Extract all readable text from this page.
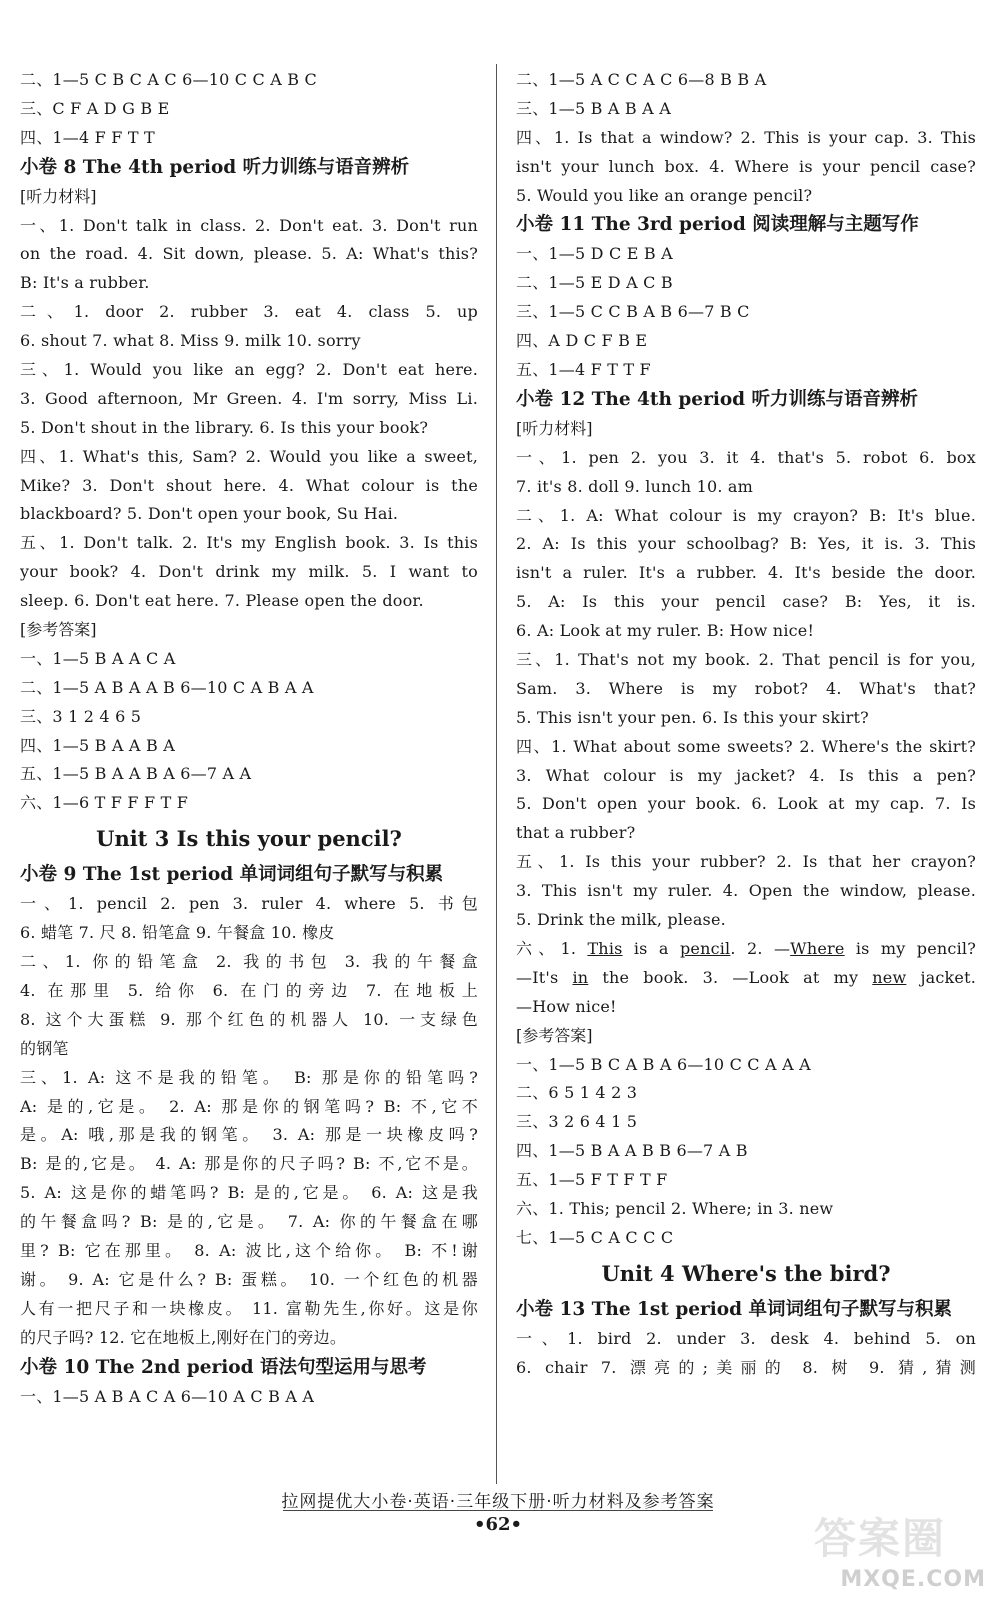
二、1—5 C B C A C 6—10 C C A B C
三、C F A D G B E
四、1—4 F F T T
小卷 8 The 4th period 听力训练与语音辨析
[听力材料]
一、1. Don't talk in class. 2. Don't eat. 3. Don't run
on the road. 4. Sit down, please. 5. A: What's this?
B: It's a rubber.
二、1. door 2. rubber 3. eat 4. class 5. up
6. shout 7. what 8. Miss 9. milk 10. sorry
三、1. Would you like an egg? 2. Don't eat here.
3. Good afternoon, Mr Green. 4. I'm sorry, Miss Li.
5. Don't shout in the library. 6. Is this your book?
四、1. What's this, Sam? 2. Would you like a sweet,
Mike? 3. Don't shout here. 4. What colour is the
blackboard? 5. Don't open your book, Su Hai.
五、1. Don't talk. 2. It's my English book. 3. Is this
your book? 4. Don't drink my milk. 5. I want to
sleep. 6. Don't eat here. 7. Please open the door.
[参考答案]
一、1—5 B A A C A
二、1—5 A B A A B 6—10 C A B A A
三、3 1 2 4 6 5
四、1—5 B A A B A
五、1—5 B A A B A 6—7 A A
六、1—6 T F F F T F
Unit 3 Is this your pencil?
小卷 9 The 1st period 单词词组句子默写与积累
一、1. pencil 2. pen 3. ruler 4. where 5. 书包
6. 蜡笔 7. 尺 8. 铅笔盒 9. 午餐盒 10. 橡皮
二、1. 你的铅笔盒 2. 我的书包 3. 我的午餐盒
4. 在那里 5. 给你 6. 在门的旁边 7. 在地板上
8. 这个大蛋糕 9. 那个红色的机器人 10. 一支绿色
的钢笔
三、1. A: 这不是我的铅笔。 B: 那是你的铅笔吗?
A: 是的,它是。 2. A: 那是你的钢笔吗? B: 不,它不
是。A: 哦,那是我的钢笔。 3. A: 那是一块橡皮吗?
B: 是的,它是。 4. A: 那是你的尺子吗? B: 不,它不是。
5. A: 这是你的蜡笔吗? B: 是的,它是。 6. A: 这是我
的午餐盒吗? B: 是的,它是。 7. A: 你的午餐盒在哪
里? B: 它在那里。 8. A: 波比,这个给你。 B: 不!谢
谢。 9. A: 它是什么? B: 蛋糕。 10. 一个红色的机器
人有一把尺子和一块橡皮。 11. 富勒先生,你好。这是你
的尺子吗? 12. 它在地板上,刚好在门的旁边。
小卷 10 The 2nd period 语法句型运用与思考
一、1—5 A B A C A 6—10 A C B A A
二、1—5 A C C A C 6—8 B B A
三、1—5 B A B A A
四、1. Is that a window? 2. This is your cap. 3. This
isn't your lunch box. 4. Where is your pencil case?
5. Would you like an orange pencil?
小卷 11 The 3rd period 阅读理解与主题写作
一、1—5 D C E B A
二、1—5 E D A C B
三、1—5 C C B A B 6—7 B C
四、A D C F B E
五、1—4 F T T F
小卷 12 The 4th period 听力训练与语音辨析
[听力材料]
一、1. pen 2. you 3. it 4. that's 5. robot 6. box
7. it's 8. doll 9. lunch 10. am
二、1. A: What colour is my crayon? B: It's blue.
2. A: Is this your schoolbag? B: Yes, it is. 3. This
isn't a ruler. It's a rubber. 4. It's beside the door.
5. A: Is this your pencil case? B: Yes, it is.
6. A: Look at my ruler. B: How nice!
三、1. That's not my book. 2. That pencil is for you,
Sam. 3. Where is my robot? 4. What's that?
5. This isn't your pen. 6. Is this your skirt?
四、1. What about some sweets? 2. Where's the skirt?
3. What colour is my jacket? 4. Is this a pen?
5. Don't open your book. 6. Look at my cap. 7. Is
that a rubber?
五、1. Is this your rubber? 2. Is that her crayon?
3. This isn't my ruler. 4. Open the window, please.
5. Drink the milk, please.
六、1. This is a pencil. 2. —Where is my pencil?
—It's in the book. 3. —Look at my new jacket.
—How nice!
[参考答案]
一、1—5 B C A B A 6—10 C C A A A
二、6 5 1 4 2 3
三、3 2 6 4 1 5
四、1—5 B A A B B 6—7 A B
五、1—5 F T F T F
六、1. This; pencil 2. Where; in 3. new
七、1—5 C A C C C
Unit 4 Where's the bird?
小卷 13 The 1st period 单词词组句子默写与积累
一、1. bird 2. under 3. desk 4. behind 5. on
6. chair 7. 漂亮的;美丽的 8. 树 9. 猜,猜测
拉网提优大小卷·英语·三年级下册·听力材料及参考答案
•62•	答案圈
MXQE.COM
